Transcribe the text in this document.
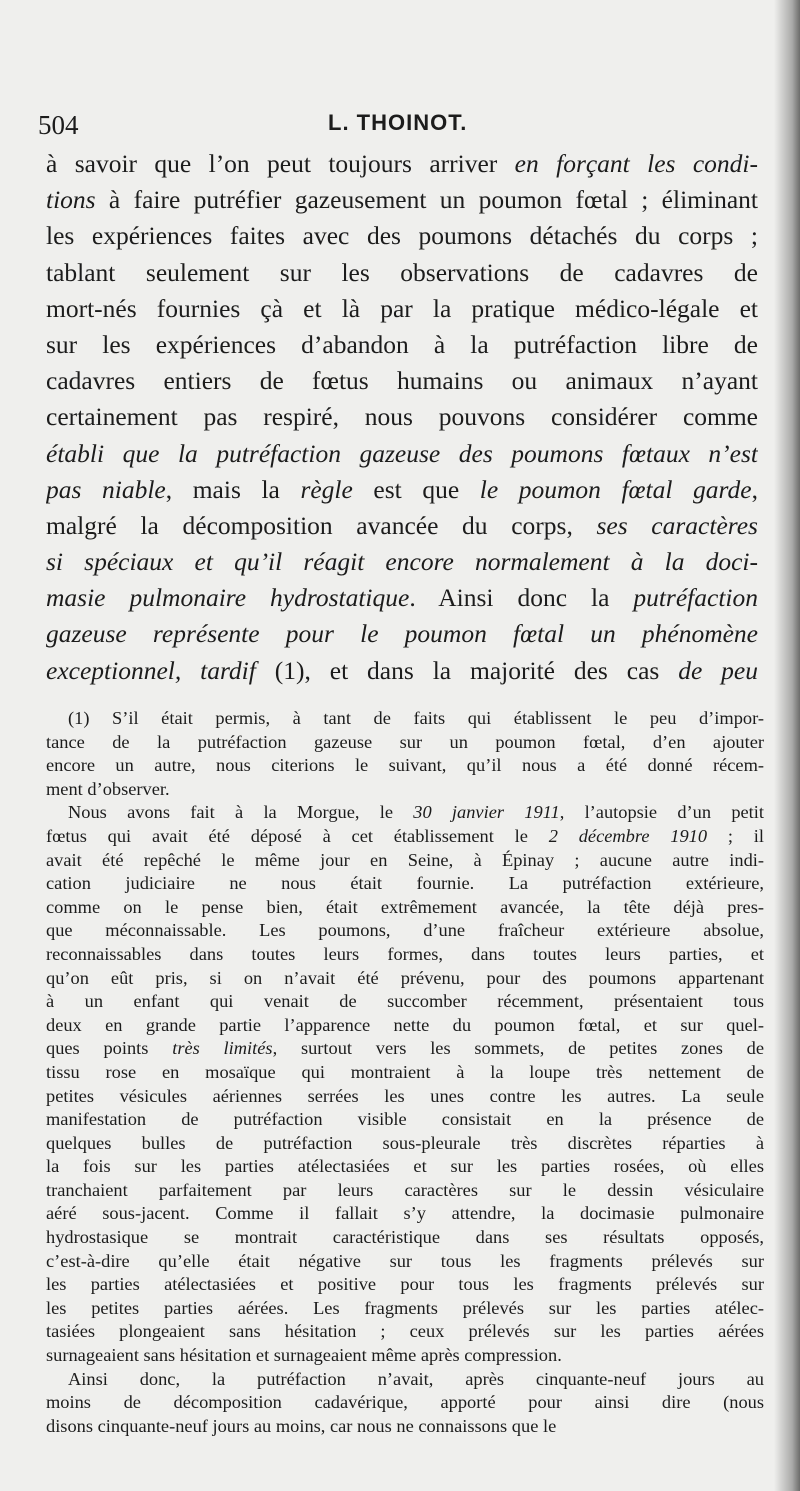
504	L. THOINOT.
à savoir que l’on peut toujours arriver en forçant les condi-
tions à faire putréfier gazeusement un poumon fœtal ; éliminant
les expériences faites avec des poumons détachés du corps ;
tablant seulement sur les observations de cadavres de
mort-nés fournies çà et là par la pratique médico-légale et
sur les expériences d’abandon à la putréfaction libre de
cadavres entiers de fœtus humains ou animaux n’ayant
certainement pas respiré, nous pouvons considérer comme
établi que la putréfaction gazeuse des poumons fœtaux n’est
pas niable, mais la règle est que le poumon fœtal garde,
malgré la décomposition avancée du corps, ses caractères
si spéciaux et qu’il réagit encore normalement à la doci-
masie pulmonaire hydrostatique. Ainsi donc la putréfaction
gazeuse représente pour le poumon fœtal un phénomène
exceptionnel, tardif (1), et dans la majorité des cas de peu
(1) S’il était permis, à tant de faits qui établissent le peu d’impor-
tance de la putréfaction gazeuse sur un poumon fœtal, d’en ajouter
encore un autre, nous citerions le suivant, qu’il nous a été donné récem-
ment d’observer.
Nous avons fait à la Morgue, le 30 janvier 1911, l’autopsie d’un petit
fœtus qui avait été déposé à cet établissement le 2 décembre 1910 ; il
avait été repêché le même jour en Seine, à Épinay ; aucune autre indi-
cation judiciaire ne nous était fournie. La putréfaction extérieure,
comme on le pense bien, était extrêmement avancée, la tête déjà pres-
que méconnaissable. Les poumons, d’une fraîcheur extérieure absolue,
reconnaissables dans toutes leurs formes, dans toutes leurs parties, et
qu’on eût pris, si on n’avait été prévenu, pour des poumons appartenant
à un enfant qui venait de succomber récemment, présentaient tous
deux en grande partie l’apparence nette du poumon fœtal, et sur quel-
ques points très limités, surtout vers les sommets, de petites zones de
tissu rose en mosaïque qui montraient à la loupe très nettement de
petites vésicules aériennes serrées les unes contre les autres. La seule
manifestation de putréfaction visible consistait en la présence de
quelques bulles de putréfaction sous-pleurale très discrètes réparties à
la fois sur les parties atélectasiées et sur les parties rosées, où elles
tranchaient parfaitement par leurs caractères sur le dessin vésiculaire
aéré sous-jacent. Comme il fallait s’y attendre, la docimasie pulmonaire
hydrostasique se montrait caractéristique dans ses résultats opposés,
c’est-à-dire qu’elle était négative sur tous les fragments prélevés sur
les parties atélectasiées et positive pour tous les fragments prélevés sur
les petites parties aérées. Les fragments prélevés sur les parties atélec-
tasiées plongeaient sans hésitation ; ceux prélevés sur les parties aérées
surnageaient sans hésitation et surnageaient même après compression.
Ainsi donc, la putréfaction n’avait, après cinquante-neuf jours au
moins de décomposition cadavérique, apporté pour ainsi dire (nous
disons cinquante-neuf jours au moins, car nous ne connaissons que le
